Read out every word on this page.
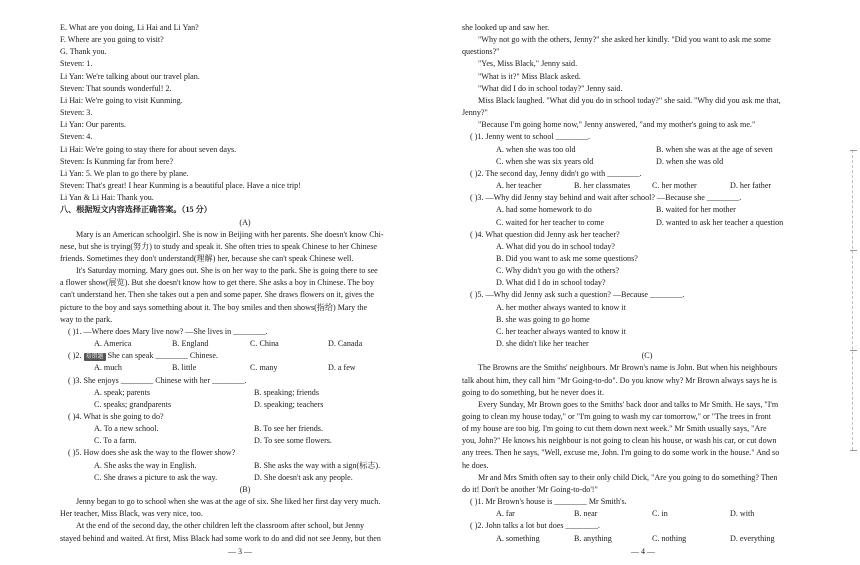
E. What are you doing, Li Hai and Li Yan?
F. Where are you going to visit?
G. Thank you.
Steven: 1.
Li Yan: We're talking about our travel plan.
Steven: That sounds wonderful! 2.
Li Hai: We're going to visit Kunming.
Steven: 3.
Li Yan: Our parents.
Steven: 4.
Li Hai: We're going to stay there for about seven days.
Steven: Is Kunming far from here?
Li Yan: 5. We plan to go there by plane.
Steven: That's great! I hear Kunming is a beautiful place. Have a nice trip!
Li Yan & Li Hai: Thank you.
八、根据短文内容选择正确答案。（15 分）
(A)
Mary is an American schoolgirl. She is now in Beijing with her parents. She doesn't know Chi-
nese, but she is trying(努力) to study and speak it. She often tries to speak Chinese to her Chinese
friends. Sometimes they don't understand(理解) her, because she can't speak Chinese well.
It's Saturday morning. Mary goes out. She is on her way to the park. She is going there to see
a flower show(展览). But she doesn't know how to get there. She asks a boy in Chinese. The boy
can't understand her. Then she takes out a pen and some paper. She draws flowers on it, gives the
picture to the boy and says something about it. The boy smiles and then shows(指给) Mary the
way to the park.
( )1. —Where does Mary live now? —She lives in ________.
A. America	B. England	C. China	D. Canada
( )2. 易错题 She can speak ________ Chinese.
A. much	B. little	C. many	D. a few
( )3. She enjoys ________ Chinese with her ________.
A. speak; parents	B. speaking; friends
C. speaks; grandparents	D. speaking; teachers
( )4. What is she going to do?
A. To a new school.	B. To see her friends.
C. To a farm.	D. To see some flowers.
( )5. How does she ask the way to the flower show?
A. She asks the way in English.	B. She asks the way with a sign(标志).
C. She draws a picture to ask the way.	D. She doesn't ask any people.
(B)
Jenny began to go to school when she was at the age of six. She liked her first day very much.
Her teacher, Miss Black, was very nice, too.
At the end of the second day, the other children left the classroom after school, but Jenny
stayed behind and waited. At first, Miss Black had some work to do and did not see Jenny, but then
she looked up and saw her.
"Why not go with the others, Jenny?" she asked her kindly. "Did you want to ask me some
questions?"
"Yes, Miss Black," Jenny said.
"What is it?" Miss Black asked.
"What did I do in school today?" Jenny said.
Miss Black laughed. "What did you do in school today?" she said. "Why did you ask me that,
Jenny?"
"Because I'm going home now," Jenny answered, "and my mother's going to ask me."
( )1. Jenny went to school ________.
A. when she was too old	B. when she was at the age of seven
C. when she was six years old	D. when she was old
( )2. The second day, Jenny didn't go with ________.
A. her teacher	B. her classmates	C. her mother	D. her father
( )3. —Why did Jenny stay behind and wait after school? —Because she ________.
A. had some homework to do	B. waited for her mother
C. waited for her teacher to come	D. wanted to ask her teacher a question
( )4. What question did Jenny ask her teacher?
A. What did you do in school today?
B. Did you want to ask me some questions?
C. Why didn't you go with the others?
D. What did I do in school today?
( )5. —Why did Jenny ask such a question? —Because ________.
A. her mother always wanted to know it
B. she was going to go home
C. her teacher always wanted to know it
D. she didn't like her teacher
(C)
The Browns are the Smiths' neighbours. Mr Brown's name is John. But when his neighbours
talk about him, they call him "Mr Going-to-do". Do you know why? Mr Brown always says he is
going to do something, but he never does it.
Every Sunday, Mr Brown goes to the Smiths' back door and talks to Mr Smith. He says, "I'm
going to clean my house today," or "I'm going to wash my car tomorrow," or "The trees in front
of my house are too big. I'm going to cut them down next week." Mr Smith usually says, "Are
you, John?" He knows his neighbour is not going to clean his house, or wash his car, or cut down
any trees. Then he says, "Well, excuse me, John. I'm going to do some work in the house." And so
he does.
Mr and Mrs Smith often say to their only child Dick, "Are you going to do something? Then
do it! Don't be another 'Mr Going-to-do'!"
( )1. Mr Brown's house is ________ Mr Smith's.
A. far	B. near	C. in	D. with
( )2. John talks a lot but does ________.
A. something	B. anything	C. nothing	D. everything
— 3 —	— 4 —
